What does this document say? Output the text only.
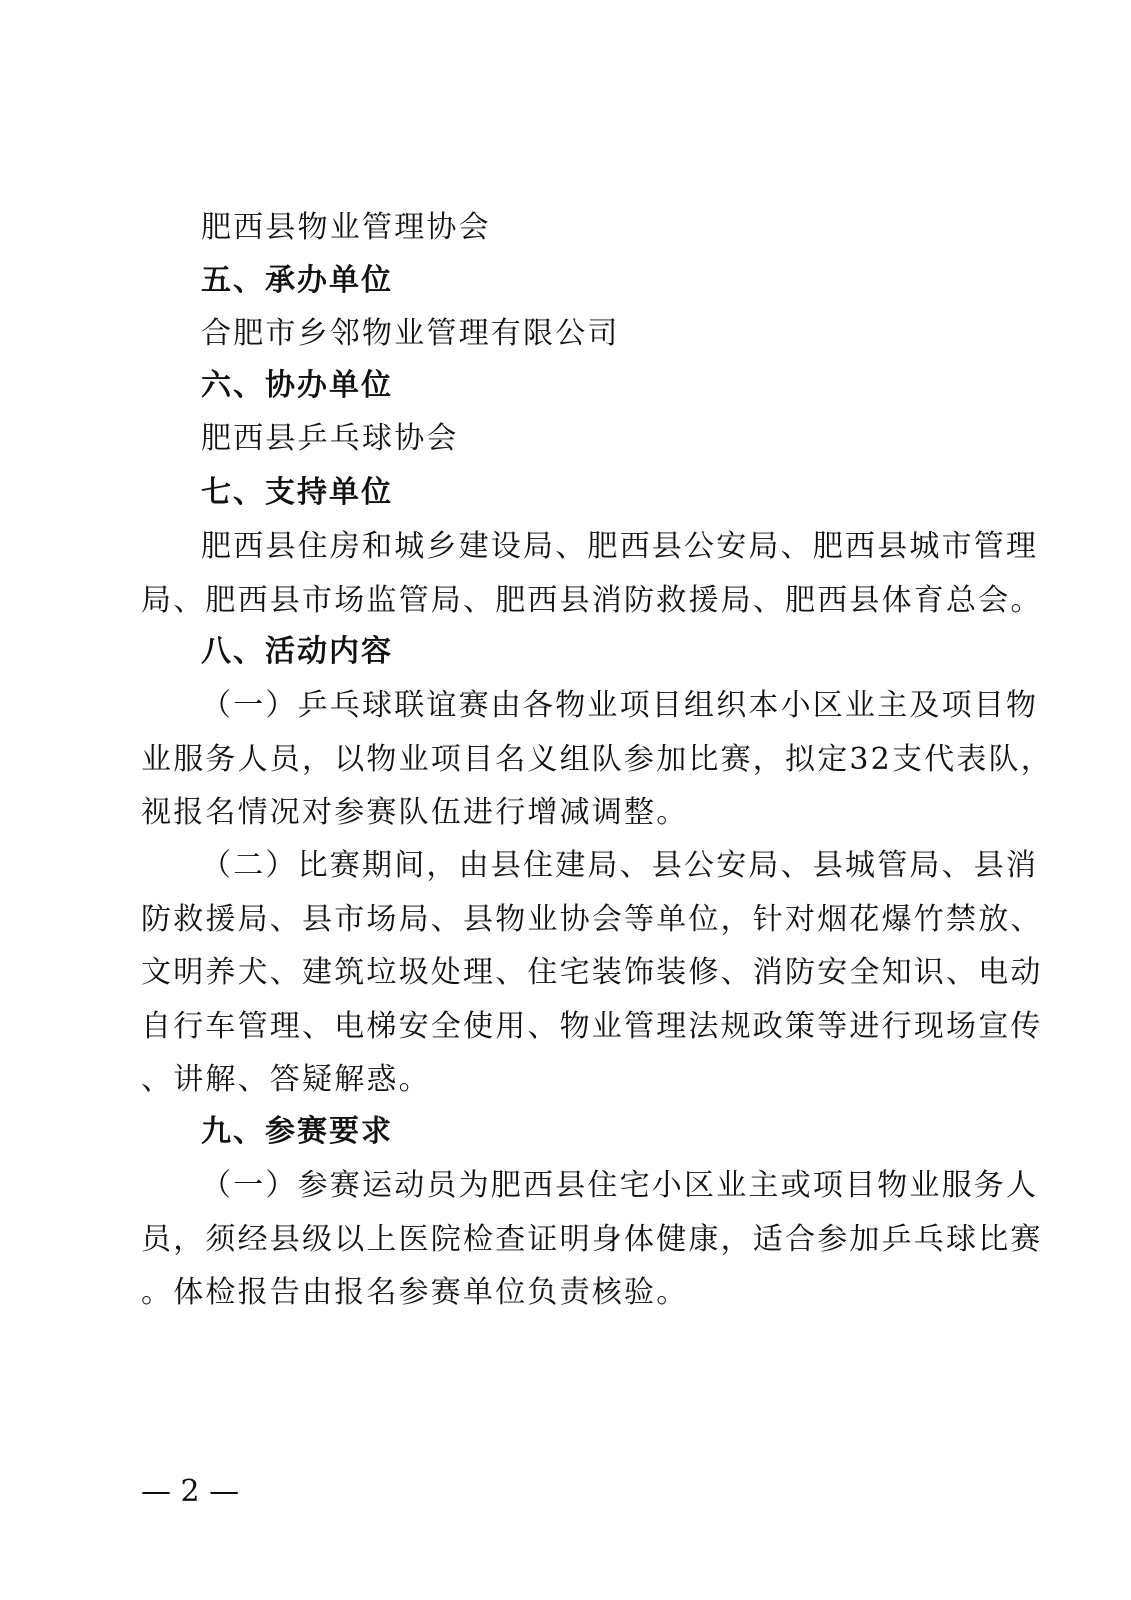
肥西县物业管理协会
五、承办单位
合肥市乡邻物业管理有限公司
六、协办单位
肥西县乒乓球协会
七、支持单位
肥西县住房和城乡建设局、肥西县公安局、肥西县城市管理
局、肥西县市场监管局、肥西县消防救援局、肥西县体育总会。
八、活动内容
（一）乒乓球联谊赛由各物业项目组织本小区业主及项目物
业服务人员，以物业项目名义组队参加比赛，拟定32支代表队，
视报名情况对参赛队伍进行增减调整。
（二）比赛期间，由县住建局、县公安局、县城管局、县消
防救援局、县市场局、县物业协会等单位，针对烟花爆竹禁放、
文明养犬、建筑垃圾处理、住宅装饰装修、消防安全知识、电动
自行车管理、电梯安全使用、物业管理法规政策等进行现场宣传
、讲解、答疑解惑。
九、参赛要求
（一）参赛运动员为肥西县住宅小区业主或项目物业服务人
员，须经县级以上医院检查证明身体健康，适合参加乒乓球比赛
。体检报告由报名参赛单位负责核验。
— 2 —
